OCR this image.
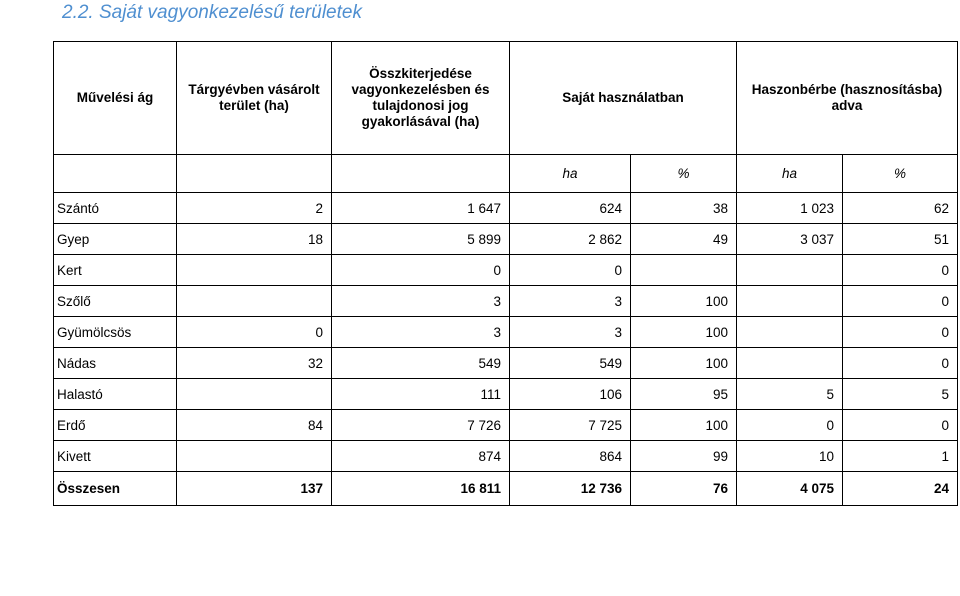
2.2. Saját vagyonkezelésű területek
Művelési ág	Tárgyévben vásárolt terület (ha)	Összkiterjedése vagyonkezelésben és tulajdonosi jog gyakorlásával (ha)	Saját használatban		Haszonbérbe (hasznosításba) adva	
			ha	%	ha	%
Szántó	2	1 647	624	38	1 023	62
Gyep	18	5 899	2 862	49	3 037	51
Kert		0	0			0
Szőlő		3	3	100		0
Gyümölcsös	0	3	3	100		0
Nádas	32	549	549	100		0
Halastó		111	106	95	5	5
Erdő	84	7 726	7 725	100	0	0
Kivett		874	864	99	10	1
Összesen	137	16 811	12 736	76	4 075	24
